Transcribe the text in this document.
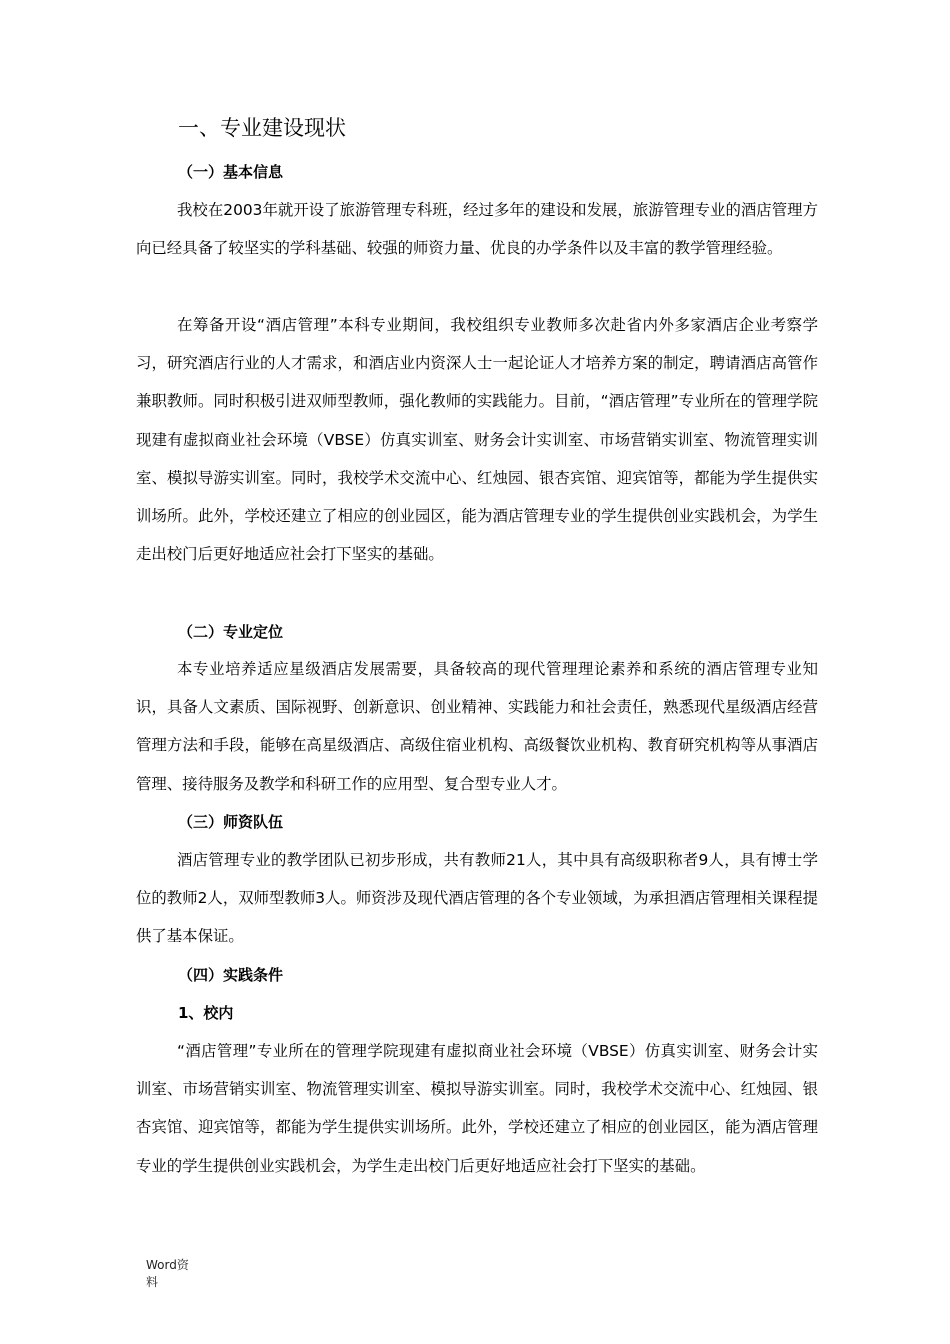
一、专业建设现状
（一）基本信息

我校在2003年就开设了旅游管理专科班，经过多年的建设和发展，旅游管理专业的酒店管理方向已经具备了较坚实的学科基础、较强的师资力量、优良的办学条件以及丰富的教学管理经验。

在筹备开设“酒店管理”本科专业期间，我校组织专业教师多次赴省内外多家酒店企业考察学习，研究酒店行业的人才需求，和酒店业内资深人士一起论证人才培养方案的制定，聘请酒店高管作兼职教师。同时积极引进双师型教师，强化教师的实践能力。目前，“酒店管理”专业所在的管理学院现建有虚拟商业社会环境（VBSE）仿真实训室、财务会计实训室、市场营销实训室、物流管理实训室、模拟导游实训室。同时，我校学术交流中心、红烛园、银杏宾馆、迎宾馆等，都能为学生提供实训场所。此外，学校还建立了相应的创业园区，能为酒店管理专业的学生提供创业实践机会，为学生走出校门后更好地适应社会打下坚实的基础。

（二）专业定位

本专业培养适应星级酒店发展需要，具备较高的现代管理理论素养和系统的酒店管理专业知识，具备人文素质、国际视野、创新意识、创业精神、实践能力和社会责任，熟悉现代星级酒店经营管理方法和手段，能够在高星级酒店、高级住宿业机构、高级餐饮业机构、教育研究机构等从事酒店管理、接待服务及教学和科研工作的应用型、复合型专业人才。

（三）师资队伍

酒店管理专业的教学团队已初步形成，共有教师21人，其中具有高级职称者9人，具有博士学位的教师2人，双师型教师3人。师资涉及现代酒店管理的各个专业领域，为承担酒店管理相关课程提供了基本保证。

（四）实践条件
1、校内

“酒店管理”专业所在的管理学院现建有虚拟商业社会环境（VBSE）仿真实训室、财务会计实训室、市场营销实训室、物流管理实训室、模拟导游实训室。同时，我校学术交流中心、红烛园、银杏宾馆、迎宾馆等，都能为学生提供实训场所。此外，学校还建立了相应的创业园区，能为酒店管理专业的学生提供创业实践机会，为学生走出校门后更好地适应社会打下坚实的基础。

Word资料
